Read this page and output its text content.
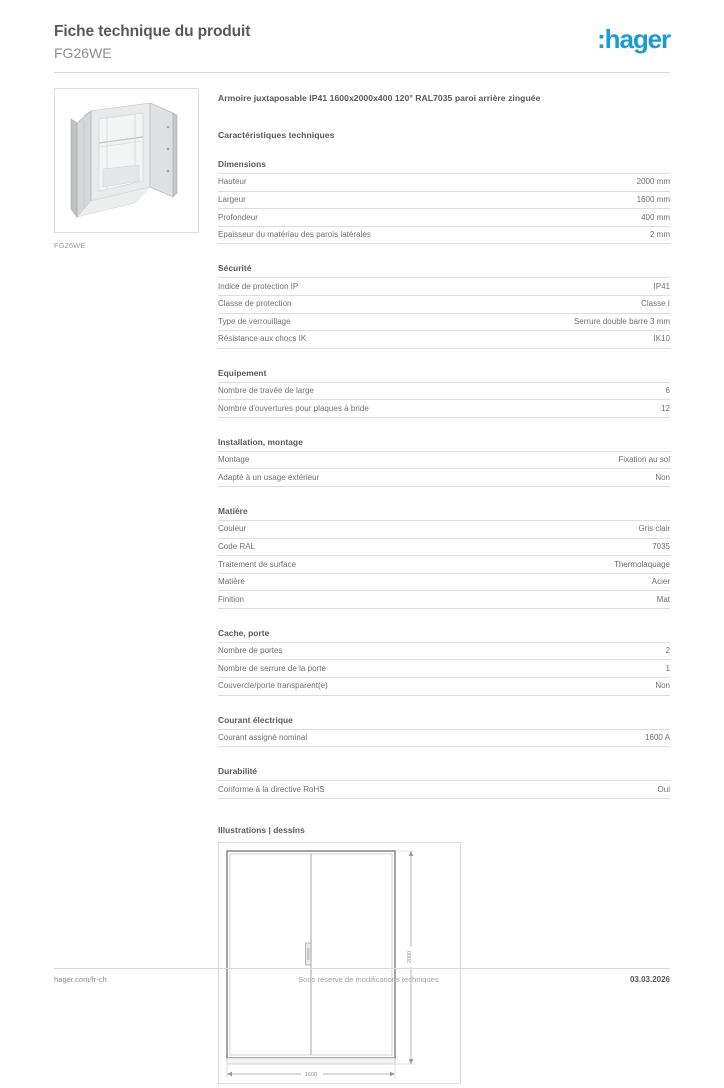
Fiche technique du produit
FG26WE	:hager
FG26WE
Armoire juxtaposable IP41 1600x2000x400 120° RAL7035 paroi arrière zinguée
Caractéristiques techniques
Dimensions
Hauteur	2000 mm
Largeur	1600 mm
Profondeur	400 mm
Epaisseur du matériau des parois latérales	2 mm
Sécurité
Indice de protection IP	IP41
Classe de protection	Classe I
Type de verrouillage	Serrure double barre 3 mm
Résistance aux chocs IK	IK10
Equipement
Nombre de travée de large	6
Nombre d'ouvertures pour plaques à bride	12
Installation, montage
Montage	Fixation au sol
Adapté à un usage extérieur	Non
Matière
Couleur	Gris clair
Code RAL	7035
Traitement de surface	Thermolaquage
Matière	Acier
Finition	Mat
Cache, porte
Nombre de portes	2
Nombre de serrure de la porte	1
Couvercle/porte transparent(e)	Non
Courant électrique
Courant assigné nominal	1600 A
Durabilité
Conforme à la directive RoHS	Oui
Illustrations | dessins
2000
1600
hager.com/fr-ch	Sous réserve de modifications techniques	03.03.2026
